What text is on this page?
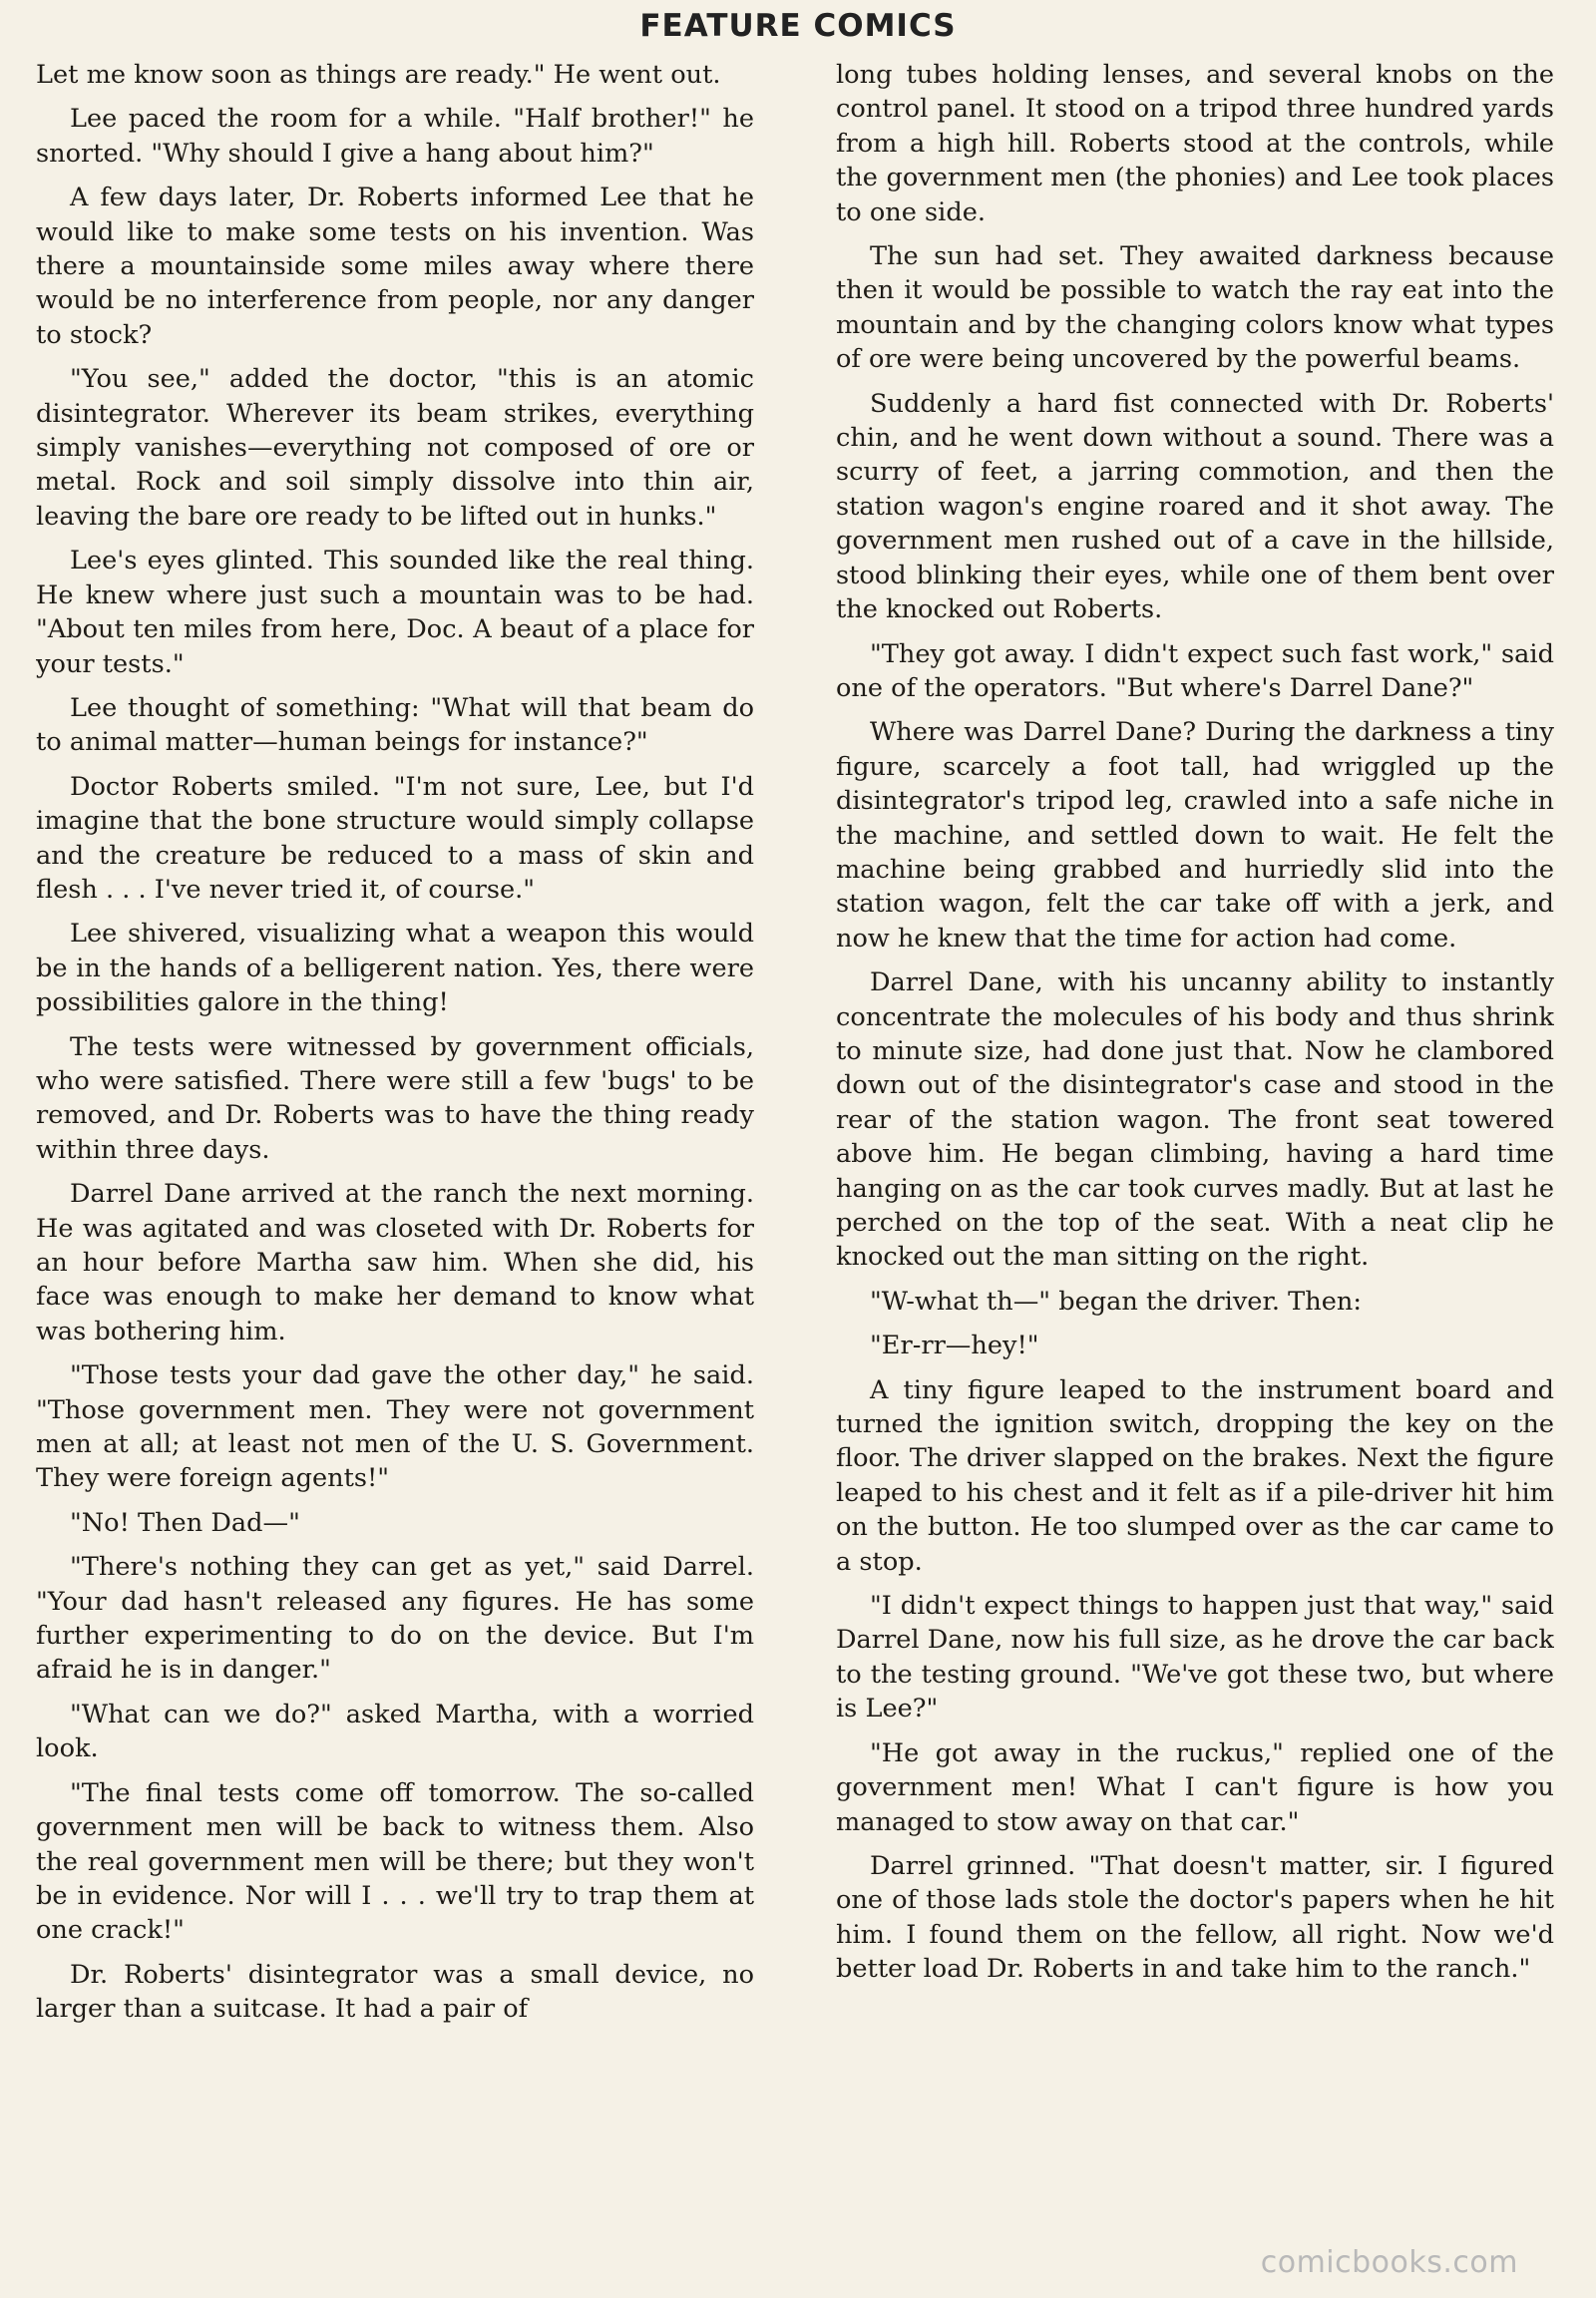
FEATURE COMICS

Let me know soon as things are ready." He went out.

Lee paced the room for a while. "Half brother!" he snorted. "Why should I give a hang about him?"

A few days later, Dr. Roberts informed Lee that he would like to make some tests on his invention. Was there a mountainside some miles away where there would be no interference from people, nor any danger to stock?

"You see," added the doctor, "this is an atomic disintegrator. Wherever its beam strikes, everything simply vanishes—everything not composed of ore or metal. Rock and soil simply dissolve into thin air, leaving the bare ore ready to be lifted out in hunks."

Lee's eyes glinted. This sounded like the real thing. He knew where just such a mountain was to be had. "About ten miles from here, Doc. A beaut of a place for your tests."

Lee thought of something: "What will that beam do to animal matter—human beings for instance?"

Doctor Roberts smiled. "I'm not sure, Lee, but I'd imagine that the bone structure would simply collapse and the creature be reduced to a mass of skin and flesh . . . I've never tried it, of course."

Lee shivered, visualizing what a weapon this would be in the hands of a belligerent nation. Yes, there were possibilities galore in the thing!

The tests were witnessed by government officials, who were satisfied. There were still a few 'bugs' to be removed, and Dr. Roberts was to have the thing ready within three days.

Darrel Dane arrived at the ranch the next morning. He was agitated and was closeted with Dr. Roberts for an hour before Martha saw him. When she did, his face was enough to make her demand to know what was bothering him.

"Those tests your dad gave the other day," he said. "Those government men. They were not government men at all; at least not men of the U. S. Government. They were foreign agents!"

"No! Then Dad—"

"There's nothing they can get as yet," said Darrel. "Your dad hasn't released any figures. He has some further experimenting to do on the device. But I'm afraid he is in danger."

"What can we do?" asked Martha, with a worried look.

"The final tests come off tomorrow. The so-called government men will be back to witness them. Also the real government men will be there; but they won't be in evidence. Nor will I . . . we'll try to trap them at one crack!"

Dr. Roberts' disintegrator was a small device, no larger than a suitcase. It had a pair of

long tubes holding lenses, and several knobs on the control panel. It stood on a tripod three hundred yards from a high hill. Roberts stood at the controls, while the government men (the phonies) and Lee took places to one side.

The sun had set. They awaited darkness because then it would be possible to watch the ray eat into the mountain and by the changing colors know what types of ore were being uncovered by the powerful beams.

Suddenly a hard fist connected with Dr. Roberts' chin, and he went down without a sound. There was a scurry of feet, a jarring commotion, and then the station wagon's engine roared and it shot away. The government men rushed out of a cave in the hillside, stood blinking their eyes, while one of them bent over the knocked out Roberts.

"They got away. I didn't expect such fast work," said one of the operators. "But where's Darrel Dane?"

Where was Darrel Dane? During the darkness a tiny figure, scarcely a foot tall, had wriggled up the disintegrator's tripod leg, crawled into a safe niche in the machine, and settled down to wait. He felt the machine being grabbed and hurriedly slid into the station wagon, felt the car take off with a jerk, and now he knew that the time for action had come.

Darrel Dane, with his uncanny ability to instantly concentrate the molecules of his body and thus shrink to minute size, had done just that. Now he clambored down out of the disintegrator's case and stood in the rear of the station wagon. The front seat towered above him. He began climbing, having a hard time hanging on as the car took curves madly. But at last he perched on the top of the seat. With a neat clip he knocked out the man sitting on the right.

"W-what th—" began the driver. Then:

"Er-rr—hey!"

A tiny figure leaped to the instrument board and turned the ignition switch, dropping the key on the floor. The driver slapped on the brakes. Next the figure leaped to his chest and it felt as if a pile-driver hit him on the button. He too slumped over as the car came to a stop.

"I didn't expect things to happen just that way," said Darrel Dane, now his full size, as he drove the car back to the testing ground. "We've got these two, but where is Lee?"

"He got away in the ruckus," replied one of the government men! What I can't figure is how you managed to stow away on that car."

Darrel grinned. "That doesn't matter, sir. I figured one of those lads stole the doctor's papers when he hit him. I found them on the fellow, all right. Now we'd better load Dr. Roberts in and take him to the ranch."

comicbooks.com
